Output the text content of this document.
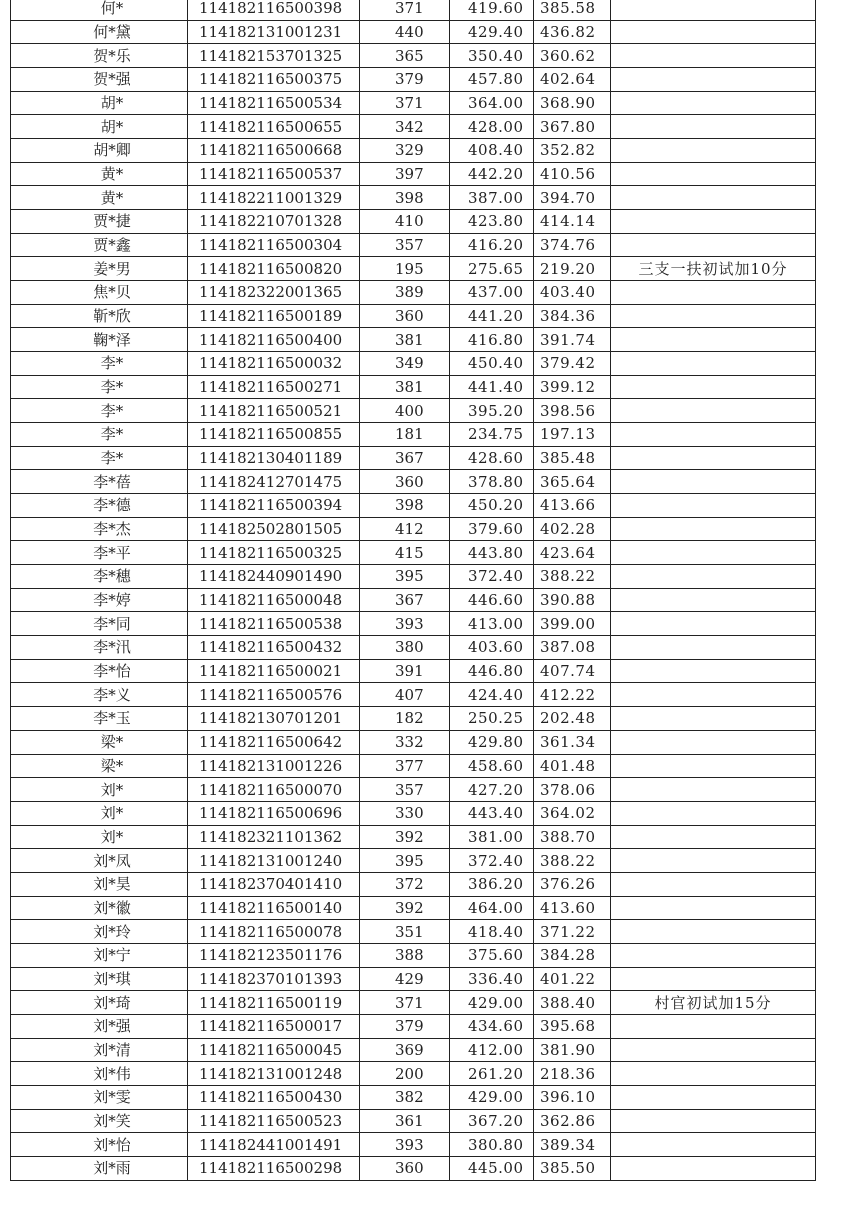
何*	114182116500398	371	419.60	385.58	
何*黛	114182131001231	440	429.40	436.82	
贺*乐	114182153701325	365	350.40	360.62	
贺*强	114182116500375	379	457.80	402.64	
胡*	114182116500534	371	364.00	368.90	
胡*	114182116500655	342	428.00	367.80	
胡*卿	114182116500668	329	408.40	352.82	
黄*	114182116500537	397	442.20	410.56	
黄*	114182211001329	398	387.00	394.70	
贾*捷	114182210701328	410	423.80	414.14	
贾*鑫	114182116500304	357	416.20	374.76	
姜*男	114182116500820	195	275.65	219.20	三支一扶初试加10分
焦*贝	114182322001365	389	437.00	403.40	
靳*欣	114182116500189	360	441.20	384.36	
鞠*泽	114182116500400	381	416.80	391.74	
李*	114182116500032	349	450.40	379.42	
李*	114182116500271	381	441.40	399.12	
李*	114182116500521	400	395.20	398.56	
李*	114182116500855	181	234.75	197.13	
李*	114182130401189	367	428.60	385.48	
李*蓓	114182412701475	360	378.80	365.64	
李*德	114182116500394	398	450.20	413.66	
李*杰	114182502801505	412	379.60	402.28	
李*平	114182116500325	415	443.80	423.64	
李*穗	114182440901490	395	372.40	388.22	
李*婷	114182116500048	367	446.60	390.88	
李*同	114182116500538	393	413.00	399.00	
李*汛	114182116500432	380	403.60	387.08	
李*怡	114182116500021	391	446.80	407.74	
李*义	114182116500576	407	424.40	412.22	
李*玉	114182130701201	182	250.25	202.48	
梁*	114182116500642	332	429.80	361.34	
梁*	114182131001226	377	458.60	401.48	
刘*	114182116500070	357	427.20	378.06	
刘*	114182116500696	330	443.40	364.02	
刘*	114182321101362	392	381.00	388.70	
刘*凤	114182131001240	395	372.40	388.22	
刘*昊	114182370401410	372	386.20	376.26	
刘*徽	114182116500140	392	464.00	413.60	
刘*玲	114182116500078	351	418.40	371.22	
刘*宁	114182123501176	388	375.60	384.28	
刘*琪	114182370101393	429	336.40	401.22	
刘*琦	114182116500119	371	429.00	388.40	村官初试加15分
刘*强	114182116500017	379	434.60	395.68	
刘*清	114182116500045	369	412.00	381.90	
刘*伟	114182131001248	200	261.20	218.36	
刘*雯	114182116500430	382	429.00	396.10	
刘*笑	114182116500523	361	367.20	362.86	
刘*怡	114182441001491	393	380.80	389.34	
刘*雨	114182116500298	360	445.00	385.50	
